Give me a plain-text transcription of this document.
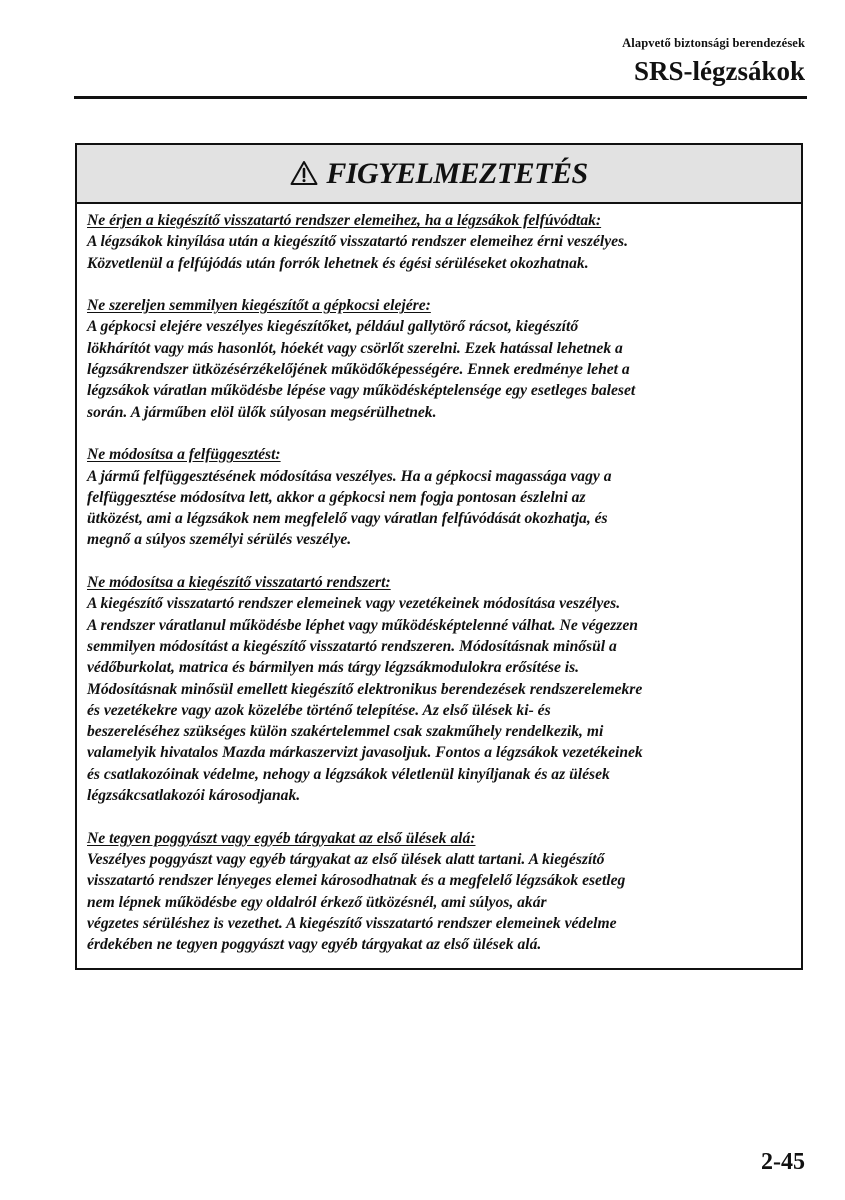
Alapvető biztonsági berendezések
SRS-légzsákok
FIGYELMEZTETÉS
Ne érjen a kiegészítő visszatartó rendszer elemeihez, ha a légzsákok felfúvódtak:
A légzsákok kinyílása után a kiegészítő visszatartó rendszer elemeihez érni veszélyes.
Közvetlenül a felfújódás után forrók lehetnek és égési sérüléseket okozhatnak.
Ne szereljen semmilyen kiegészítőt a gépkocsi elejére:
A gépkocsi elejére veszélyes kiegészítőket, például gallytörő rácsot, kiegészítő
lökhárítót vagy más hasonlót, hóekét vagy csörlőt szerelni. Ezek hatással lehetnek a
légzsákrendszer ütközésérzékelőjének működőképességére. Ennek eredménye lehet a
légzsákok váratlan működésbe lépése vagy működésképtelensége egy esetleges baleset
során. A járműben elöl ülők súlyosan megsérülhetnek.
Ne módosítsa a felfüggesztést:
A jármű felfüggesztésének módosítása veszélyes. Ha a gépkocsi magassága vagy a
felfüggesztése módosítva lett, akkor a gépkocsi nem fogja pontosan észlelni az
ütközést, ami a légzsákok nem megfelelő vagy váratlan felfúvódását okozhatja, és
megnő a súlyos személyi sérülés veszélye.
Ne módosítsa a kiegészítő visszatartó rendszert:
A kiegészítő visszatartó rendszer elemeinek vagy vezetékeinek módosítása veszélyes.
A rendszer váratlanul működésbe léphet vagy működésképtelenné válhat. Ne végezzen
semmilyen módosítást a kiegészítő visszatartó rendszeren. Módosításnak minősül a
védőburkolat, matrica és bármilyen más tárgy légzsákmodulokra erősítése is.
Módosításnak minősül emellett kiegészítő elektronikus berendezések rendszerelemekre
és vezetékekre vagy azok közelébe történő telepítése. Az első ülések ki- és
beszereléséhez szükséges külön szakértelemmel csak szakműhely rendelkezik, mi
valamelyik hivatalos Mazda márkaszervizt javasoljuk. Fontos a légzsákok vezetékeinek
és csatlakozóinak védelme, nehogy a légzsákok véletlenül kinyíljanak és az ülések
légzsákcsatlakozói károsodjanak.
Ne tegyen poggyászt vagy egyéb tárgyakat az első ülések alá:
Veszélyes poggyászt vagy egyéb tárgyakat az első ülések alatt tartani. A kiegészítő
visszatartó rendszer lényeges elemei károsodhatnak és a megfelelő légzsákok esetleg
nem lépnek működésbe egy oldalról érkező ütközésnél, ami súlyos, akár
végzetes sérüléshez is vezethet. A kiegészítő visszatartó rendszer elemeinek védelme
érdekében ne tegyen poggyászt vagy egyéb tárgyakat az első ülések alá.
2-45
